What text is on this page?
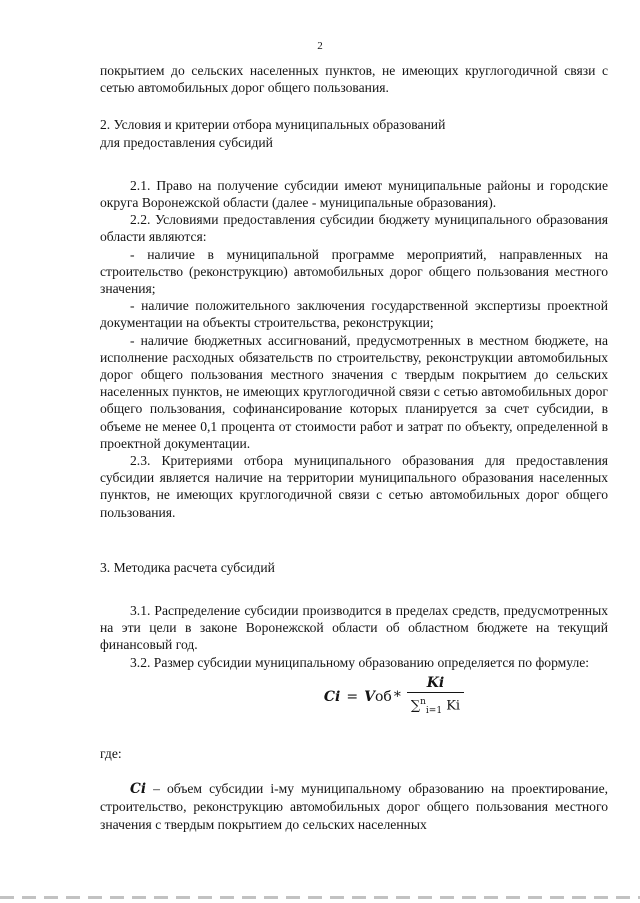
2

покрытием до сельских населенных пунктов, не имеющих круглогодичной связи с сетью автомобильных дорог общего пользования.

2. Условия и критерии отбора муниципальных образований

для предоставления субсидий

2.1. Право на получение субсидии имеют муниципальные районы и городские округа Воронежской области (далее - муниципальные образования).

2.2. Условиями предоставления субсидии бюджету муниципального образования области являются:

- наличие в муниципальной программе мероприятий, направленных на строительство (реконструкцию) автомобильных дорог общего пользования местного значения;

- наличие положительного заключения государственной экспертизы проектной документации на объекты строительства, реконструкции;

- наличие бюджетных ассигнований, предусмотренных в местном бюджете, на исполнение расходных обязательств по строительству, реконструкции автомобильных дорог общего пользования местного значения с твердым покрытием до сельских населенных пунктов, не имеющих круглогодичной связи с сетью автомобильных дорог общего пользования, софинансирование которых планируется за счет субсидии, в объеме не менее 0,1 процента от стоимости работ и затрат по объекту, определенной в проектной документации.

2.3. Критериями отбора муниципального образования для предоставления субсидии является наличие на территории муниципального образования населенных пунктов, не имеющих круглогодичной связи с сетью автомобильных дорог общего пользования.

3. Методика расчета субсидий

3.1. Распределение субсидии производится в пределах средств, предусмотренных на эти цели в законе Воронежской области об областном бюджете на текущий финансовый год.

3.2. Размер субсидии муниципальному образованию определяется по формуле:

Ci = V об * $\frac{Ki}{\sum^n_{i=1} Ki}$

где:

Ci – объем субсидии i-му муниципальному образованию на проектирование, строительство, реконструкцию автомобильных дорог общего пользования местного значения с твердым покрытием до сельских населенных
